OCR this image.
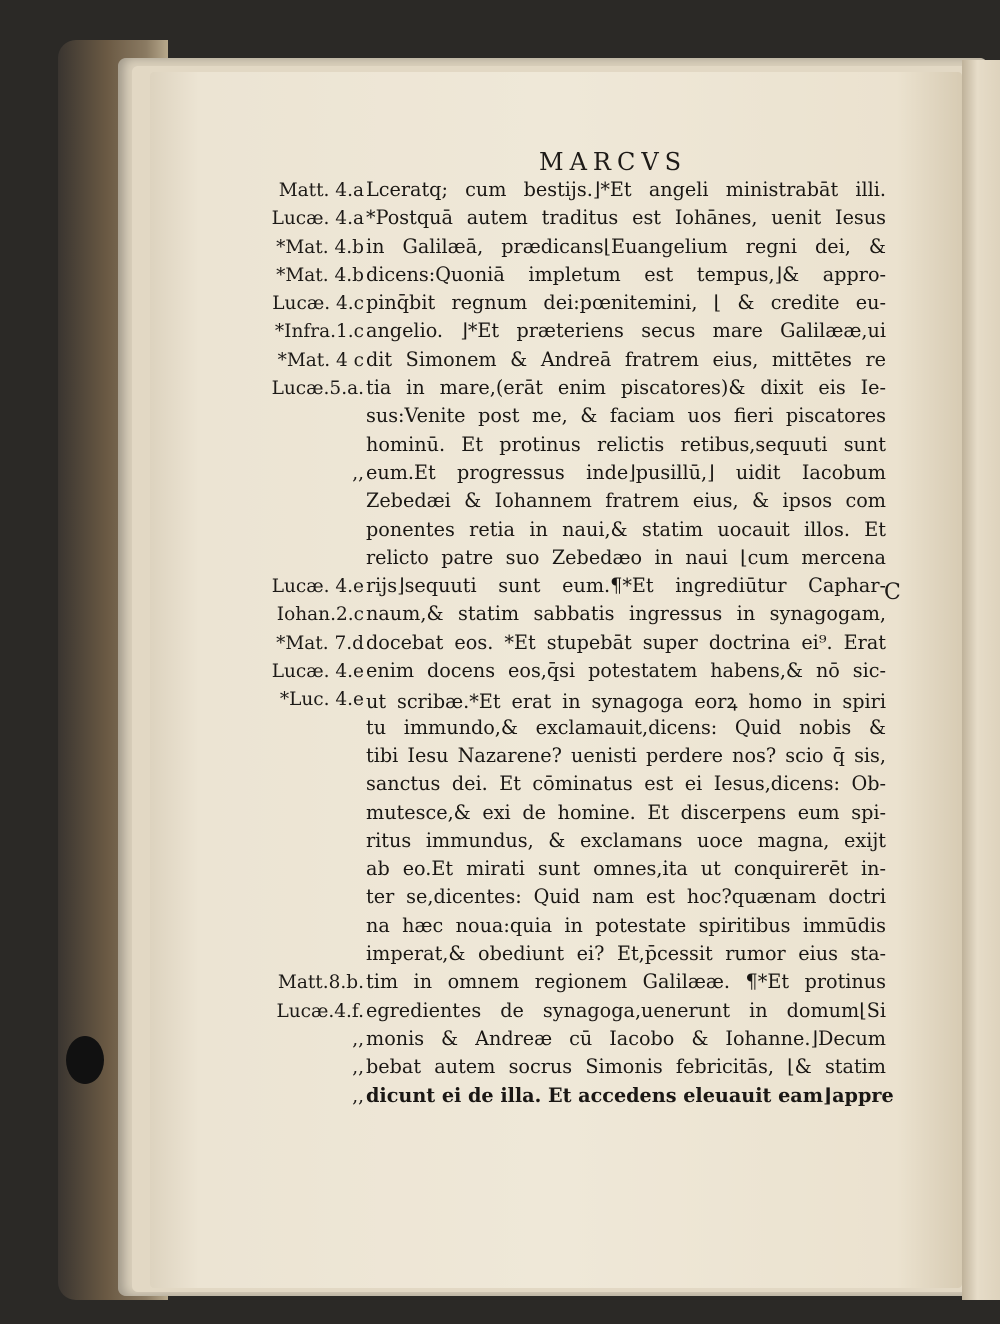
MARCVS
Matt. 4.a Lceratq; cum bestijs.⌋*Et angeli ministrabāt illi.
Lucæ. 4.a *Postquā autem traditus est Iohānes, uenit Iesus
*Mat. 4.b in Galilæā, prædicans⌊Euangelium regni dei, &
*Mat. 4.b dicens:Quoniā impletum est tempus,⌋& appro-
Lucæ. 4.c pinq̄bit regnum dei:pœnitemini, ⌊ & credite eu-
*Infra.1.c angelio. ⌋*Et præteriens secus mare Galilææ,ui
*Mat. 4 c dit Simonem & Andreā fratrem eius, mittētes re
Lucæ.5.a. tia in mare,(erāt enim piscatores)& dixit eis Ie-
sus:Venite post me, & faciam uos fieri piscatores
hominū. Et protinus relictis retibus,sequuti sunt
,, eum.Et progressus inde⌋pusillū,⌋ uidit Iacobum
Zebedæi & Iohannem fratrem eius, & ipsos com
ponentes retia in naui,& statim uocauit illos. Et
relicto patre suo Zebedæo in naui ⌊cum mercena
Lucæ. 4.e rijs⌋sequuti sunt eum.¶*Et ingrediūtur Caphar-
Iohan.2.c naum,& statim sabbatis ingressus in synagogam,
*Mat. 7.d docebat eos. *Et stupebāt super doctrina ei⁹. Erat
Lucæ. 4.e enim docens eos,q̄si potestatem habens,& nō sic-
*Luc. 4.e ut scribæ.*Et erat in synagoga eorꝝ homo in spiri
tu immundo,& exclamauit,dicens: Quid nobis &
tibi Iesu Nazarene? uenisti perdere nos? scio q̄ sis,
sanctus dei. Et cōminatus est ei Iesus,dicens: Ob-
mutesce,& exi de homine. Et discerpens eum spi-
ritus immundus, & exclamans uoce magna, exijt
ab eo.Et mirati sunt omnes,ita ut conquirerēt in-
ter se,dicentes: Quid nam est hoc?quænam doctri
na hæc noua:quia in potestate spiritibus immūdis
imperat,& obediunt ei? Et,p̄cessit rumor eius sta-
Matt.8.b. tim in omnem regionem Galilææ. ¶*Et protinus
Lucæ.4.f. egredientes de synagoga,uenerunt in domum⌊Si
,, monis & Andreæ cū Iacobo & Iohanne.⌋Decum
,, bebat autem socrus Simonis febricitās, ⌊& statim
,, dicunt ei de illa. Et accedens eleuauit eam⌋appre
C
